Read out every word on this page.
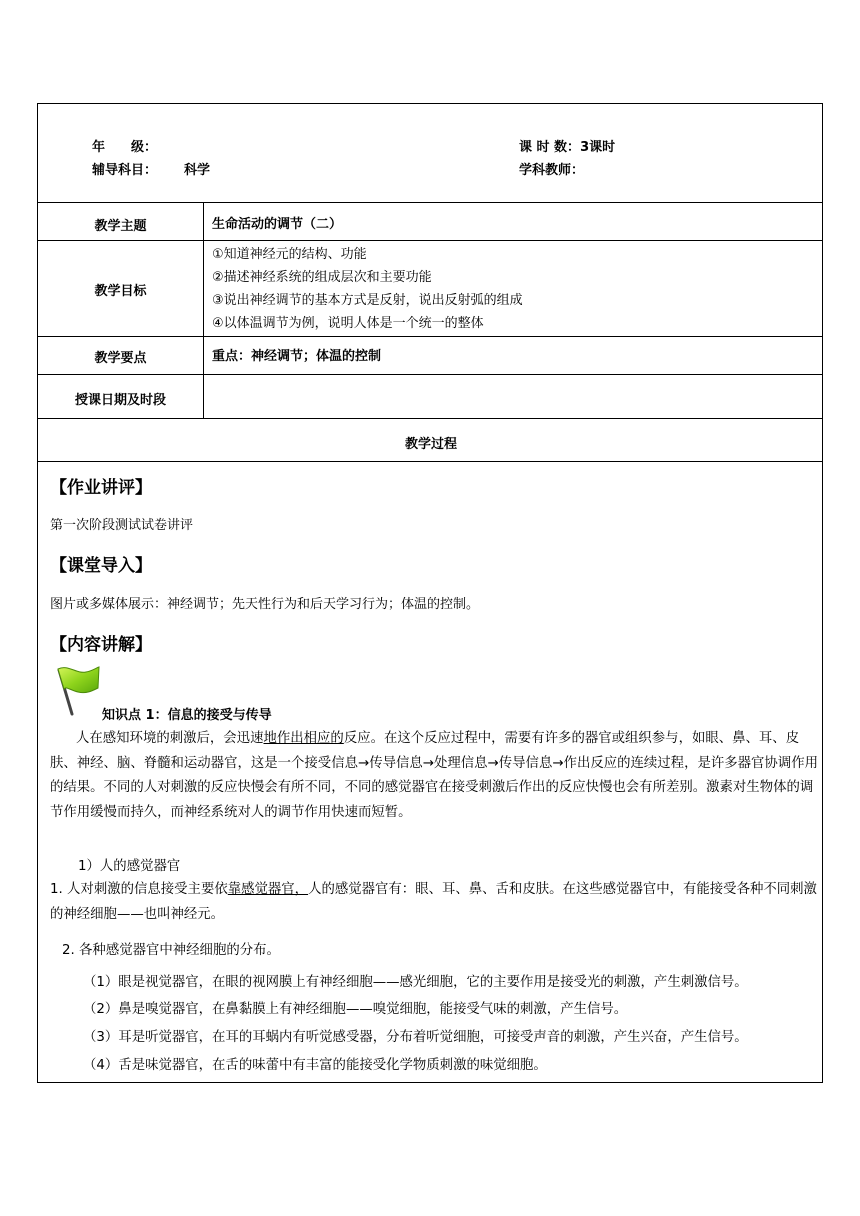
年　　级：
辅导科目： 科学
课 时 数：3课时
学科教师：
教学主题	生命活动的调节（二）
教学目标
①知道神经元的结构、功能
②描述神经系统的组成层次和主要功能
③说出神经调节的基本方式是反射，说出反射弧的组成
④以体温调节为例，说明人体是一个统一的整体
教学要点	重点：神经调节；体温的控制
授课日期及时段
教学过程
【作业讲评】
第一次阶段测试试卷讲评
【课堂导入】
图片或多媒体展示：神经调节；先天性行为和后天学习行为；体温的控制。
【内容讲解】
知识点 1：信息的接受与传导
人在感知环境的刺激后，会迅速地作出相应的反应。在这个反应过程中，需要有许多的器官或组织参与，如眼、鼻、耳、皮肤、神经、脑、脊髓和运动器官，这是一个接受信息→传导信息→处理信息→传导信息→作出反应的连续过程，是许多器官协调作用的结果。不同的人对刺激的反应快慢会有所不同，不同的感觉器官在接受刺激后作出的反应快慢也会有所差别。激素对生物体的调节作用缓慢而持久，而神经系统对人的调节作用快速而短暂。
1）人的感觉器官
1. 人对刺激的信息接受主要依靠感觉器官，人的感觉器官有：眼、耳、鼻、舌和皮肤。在这些感觉器官中，有能接受各种不同刺激的神经细胞——也叫神经元。
2. 各种感觉器官中神经细胞的分布。
（1）眼是视觉器官，在眼的视网膜上有神经细胞——感光细胞，它的主要作用是接受光的刺激，产生刺激信号。
（2）鼻是嗅觉器官，在鼻黏膜上有神经细胞——嗅觉细胞，能接受气味的刺激，产生信号。
（3）耳是听觉器官，在耳的耳蜗内有听觉感受器，分布着听觉细胞，可接受声音的刺激，产生兴奋，产生信号。
（4）舌是味觉器官，在舌的味蕾中有丰富的能接受化学物质刺激的味觉细胞。
